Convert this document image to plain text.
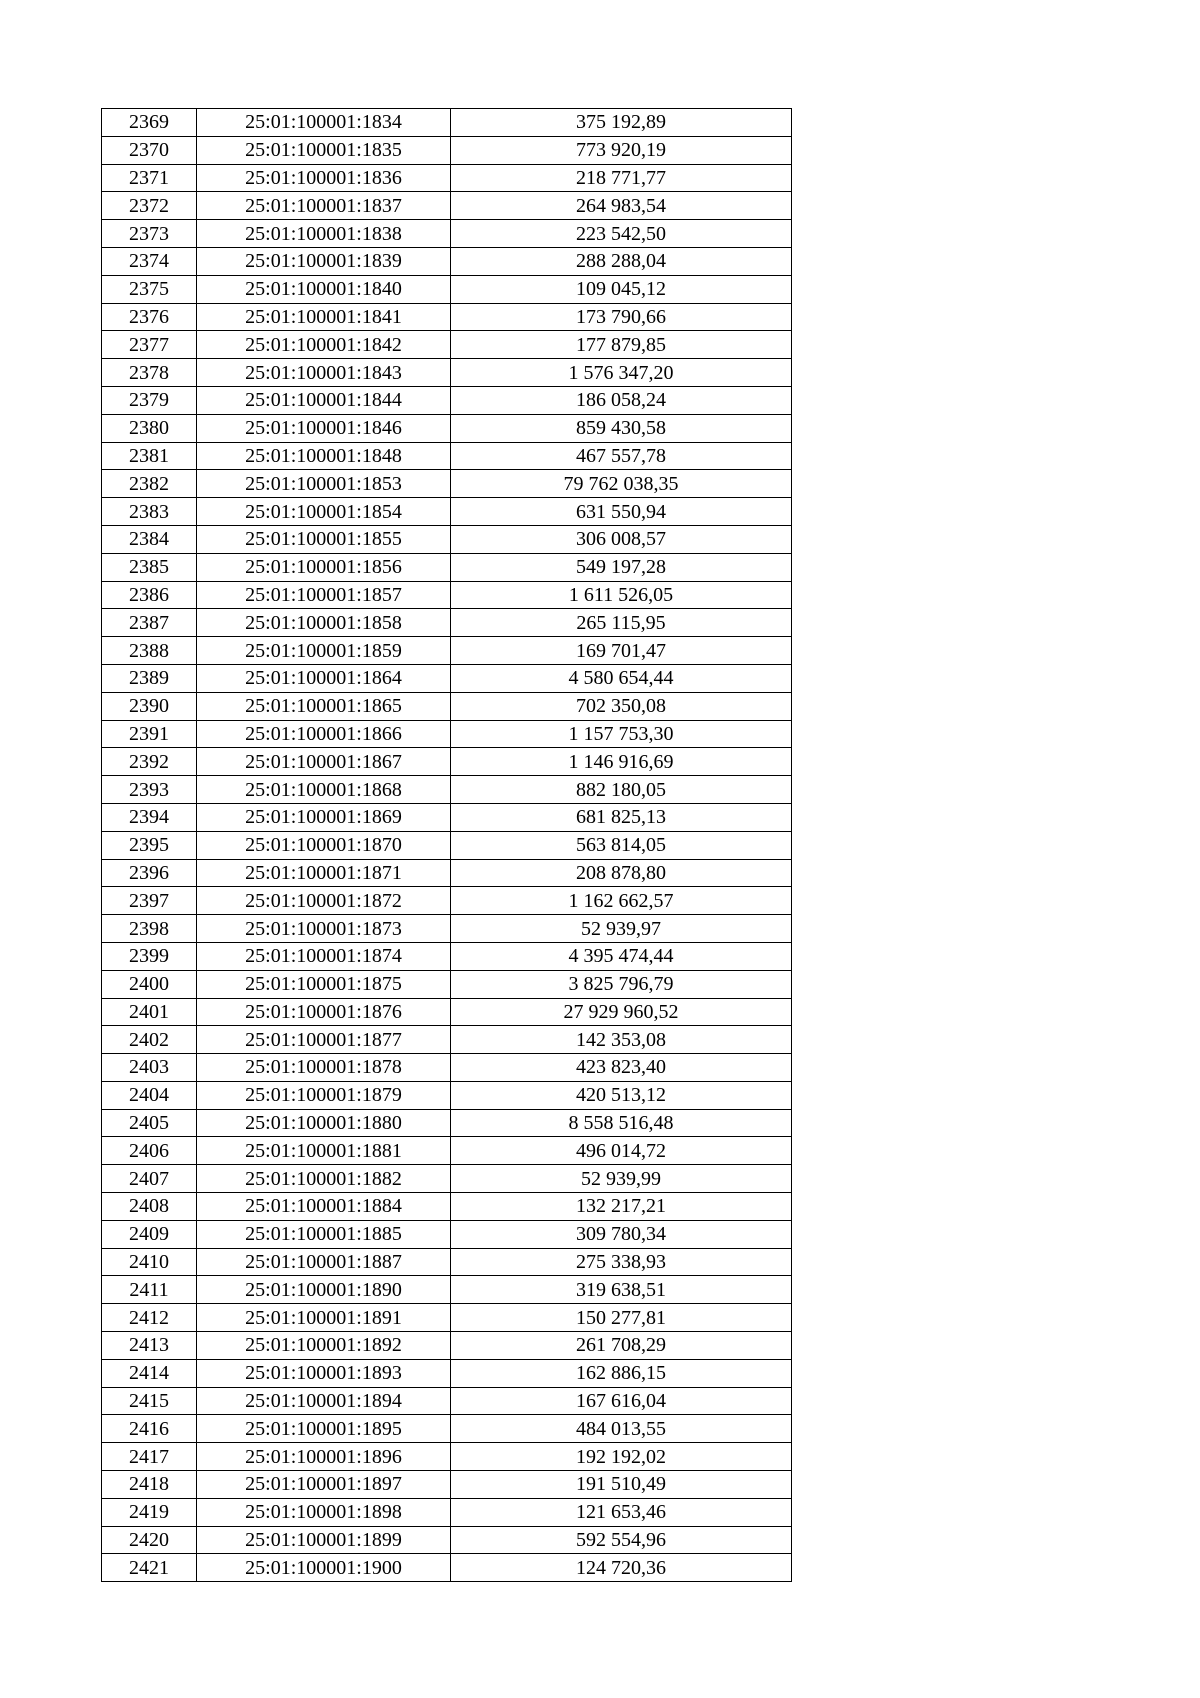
2369	25:01:100001:1834	375 192,89
2370	25:01:100001:1835	773 920,19
2371	25:01:100001:1836	218 771,77
2372	25:01:100001:1837	264 983,54
2373	25:01:100001:1838	223 542,50
2374	25:01:100001:1839	288 288,04
2375	25:01:100001:1840	109 045,12
2376	25:01:100001:1841	173 790,66
2377	25:01:100001:1842	177 879,85
2378	25:01:100001:1843	1 576 347,20
2379	25:01:100001:1844	186 058,24
2380	25:01:100001:1846	859 430,58
2381	25:01:100001:1848	467 557,78
2382	25:01:100001:1853	79 762 038,35
2383	25:01:100001:1854	631 550,94
2384	25:01:100001:1855	306 008,57
2385	25:01:100001:1856	549 197,28
2386	25:01:100001:1857	1 611 526,05
2387	25:01:100001:1858	265 115,95
2388	25:01:100001:1859	169 701,47
2389	25:01:100001:1864	4 580 654,44
2390	25:01:100001:1865	702 350,08
2391	25:01:100001:1866	1 157 753,30
2392	25:01:100001:1867	1 146 916,69
2393	25:01:100001:1868	882 180,05
2394	25:01:100001:1869	681 825,13
2395	25:01:100001:1870	563 814,05
2396	25:01:100001:1871	208 878,80
2397	25:01:100001:1872	1 162 662,57
2398	25:01:100001:1873	52 939,97
2399	25:01:100001:1874	4 395 474,44
2400	25:01:100001:1875	3 825 796,79
2401	25:01:100001:1876	27 929 960,52
2402	25:01:100001:1877	142 353,08
2403	25:01:100001:1878	423 823,40
2404	25:01:100001:1879	420 513,12
2405	25:01:100001:1880	8 558 516,48
2406	25:01:100001:1881	496 014,72
2407	25:01:100001:1882	52 939,99
2408	25:01:100001:1884	132 217,21
2409	25:01:100001:1885	309 780,34
2410	25:01:100001:1887	275 338,93
2411	25:01:100001:1890	319 638,51
2412	25:01:100001:1891	150 277,81
2413	25:01:100001:1892	261 708,29
2414	25:01:100001:1893	162 886,15
2415	25:01:100001:1894	167 616,04
2416	25:01:100001:1895	484 013,55
2417	25:01:100001:1896	192 192,02
2418	25:01:100001:1897	191 510,49
2419	25:01:100001:1898	121 653,46
2420	25:01:100001:1899	592 554,96
2421	25:01:100001:1900	124 720,36
